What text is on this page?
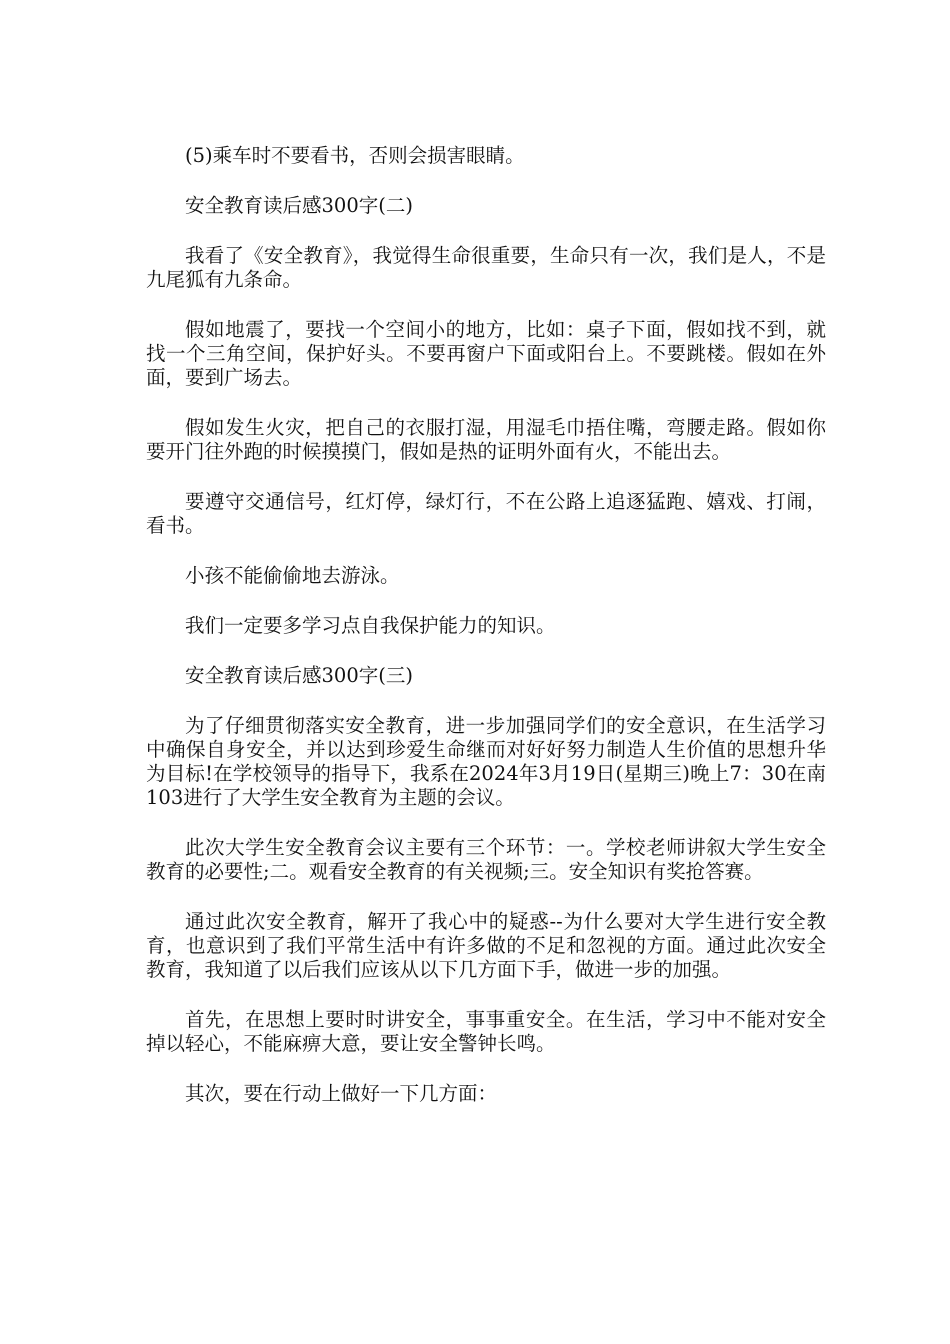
(5)乘车时不要看书，否则会损害眼睛。

安全教育读后感300字(二)

我看了《安全教育》，我觉得生命很重要，生命只有一次，我们是人，不是九尾狐有九条命。

假如地震了，要找一个空间小的地方，比如：桌子下面，假如找不到，就找一个三角空间，保护好头。不要再窗户下面或阳台上。不要跳楼。假如在外面，要到广场去。

假如发生火灾，把自己的衣服打湿，用湿毛巾捂住嘴，弯腰走路。假如你要开门往外跑的时候摸摸门，假如是热的证明外面有火，不能出去。

要遵守交通信号，红灯停，绿灯行，不在公路上追逐猛跑、嬉戏、打闹，看书。

小孩不能偷偷地去游泳。

我们一定要多学习点自我保护能力的知识。

安全教育读后感300字(三)

为了仔细贯彻落实安全教育，进一步加强同学们的安全意识，在生活学习中确保自身安全，并以达到珍爱生命继而对好好努力制造人生价值的思想升华为目标!在学校领导的指导下，我系在2024年3月19日(星期三)晚上7：30在南103进行了大学生安全教育为主题的会议。

此次大学生安全教育会议主要有三个环节：一。学校老师讲叙大学生安全教育的必要性;二。观看安全教育的有关视频;三。安全知识有奖抢答赛。

通过此次安全教育，解开了我心中的疑惑--为什么要对大学生进行安全教育，也意识到了我们平常生活中有许多做的不足和忽视的方面。通过此次安全教育，我知道了以后我们应该从以下几方面下手，做进一步的加强。

首先，在思想上要时时讲安全，事事重安全。在生活，学习中不能对安全掉以轻心，不能麻痹大意，要让安全警钟长鸣。

其次，要在行动上做好一下几方面：
